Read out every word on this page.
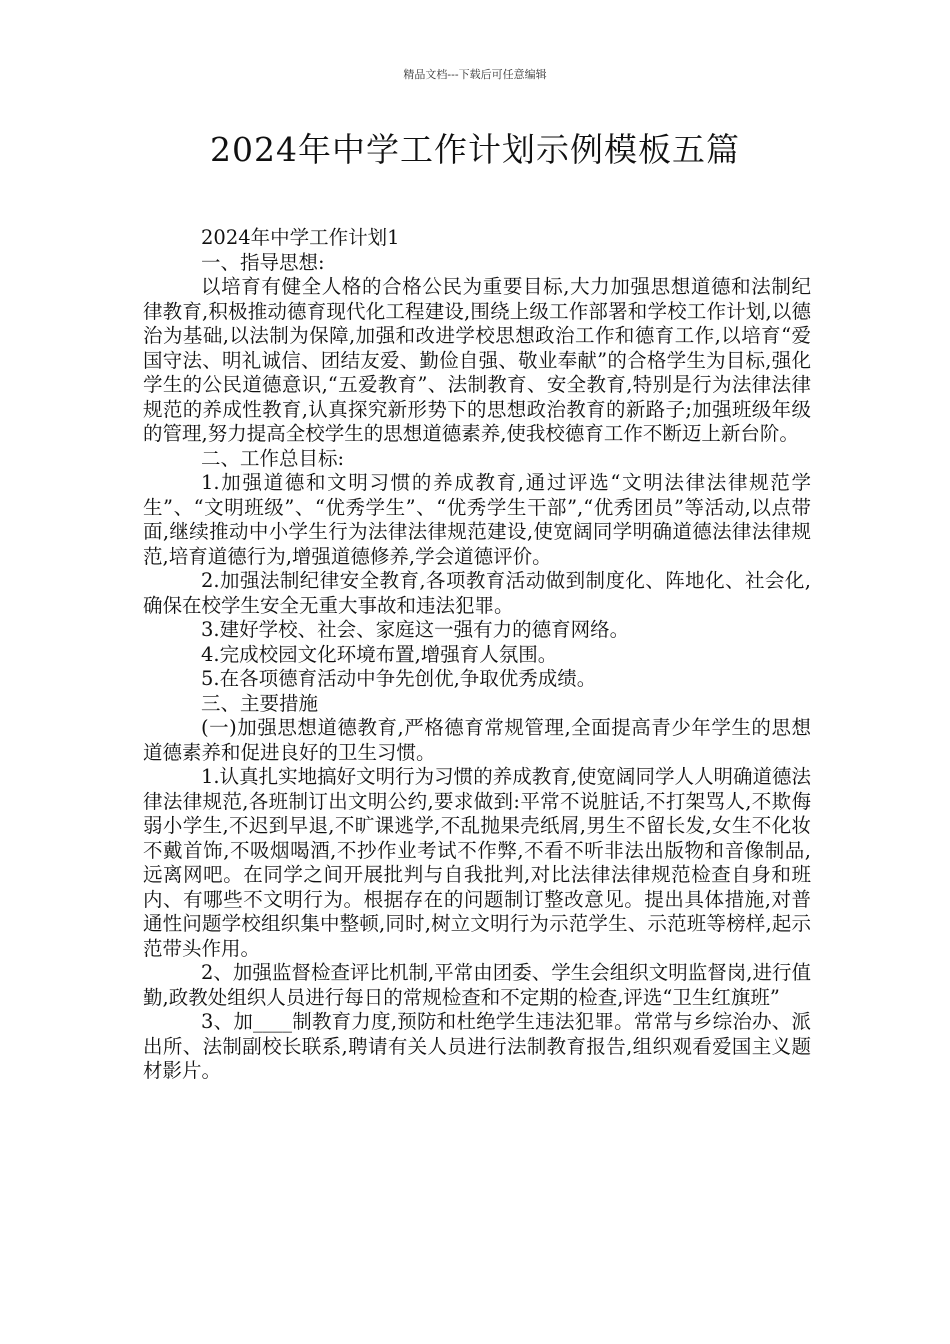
精品文档---下载后可任意编辑
2024年中学工作计划示例模板五篇

2024年中学工作计划1

一、指导思想:

以培育有健全人格的合格公民为重要目标,大力加强思想道德和法制纪律教育,积极推动德育现代化工程建设,围绕上级工作部署和学校工作计划,以德治为基础,以法制为保障,加强和改进学校思想政治工作和德育工作,以培育“爱国守法、明礼诚信、团结友爱、勤俭自强、敬业奉献”的合格学生为目标,强化学生的公民道德意识,“五爱教育”、法制教育、安全教育,特别是行为法律法律规范的养成性教育,认真探究新形势下的思想政治教育的新路子;加强班级年级的管理,努力提高全校学生的思想道德素养,使我校德育工作不断迈上新台阶。

二、工作总目标:

1.加强道德和文明习惯的养成教育,通过评选“文明法律法律规范学生”、“文明班级”、“优秀学生”、“优秀学生干部”,“优秀团员”等活动,以点带面,继续推动中小学生行为法律法律规范建设,使宽阔同学明确道德法律法律规范,培育道德行为,增强道德修养,学会道德评价。

2.加强法制纪律安全教育,各项教育活动做到制度化、阵地化、社会化,确保在校学生安全无重大事故和违法犯罪。

3.建好学校、社会、家庭这一强有力的德育网络。

4.完成校园文化环境布置,增强育人氛围。

5.在各项德育活动中争先创优,争取优秀成绩。

三、主要措施

(一)加强思想道德教育,严格德育常规管理,全面提高青少年学生的思想道德素养和促进良好的卫生习惯。

1.认真扎实地搞好文明行为习惯的养成教育,使宽阔同学人人明确道德法律法律规范,各班制订出文明公约,要求做到:平常不说脏话,不打架骂人,不欺侮弱小学生,不迟到早退,不旷课逃学,不乱抛果壳纸屑,男生不留长发,女生不化妆不戴首饰,不吸烟喝酒,不抄作业考试不作弊,不看不听非法出版物和音像制品,远离网吧。在同学之间开展批判与自我批判,对比法律法律规范检查自身和班内、有哪些不文明行为。根据存在的问题制订整改意见。提出具体措施,对普通性问题学校组织集中整顿,同时,树立文明行为示范学生、示范班等榜样,起示范带头作用。

2、加强监督检查评比机制,平常由团委、学生会组织文明监督岗,进行值勤,政教处组织人员进行每日的常规检查和不定期的检查,评选“卫生红旗班”

3、加____制教育力度,预防和杜绝学生违法犯罪。常常与乡综治办、派出所、法制副校长联系,聘请有关人员进行法制教育报告,组织观看爱国主义题材影片。
